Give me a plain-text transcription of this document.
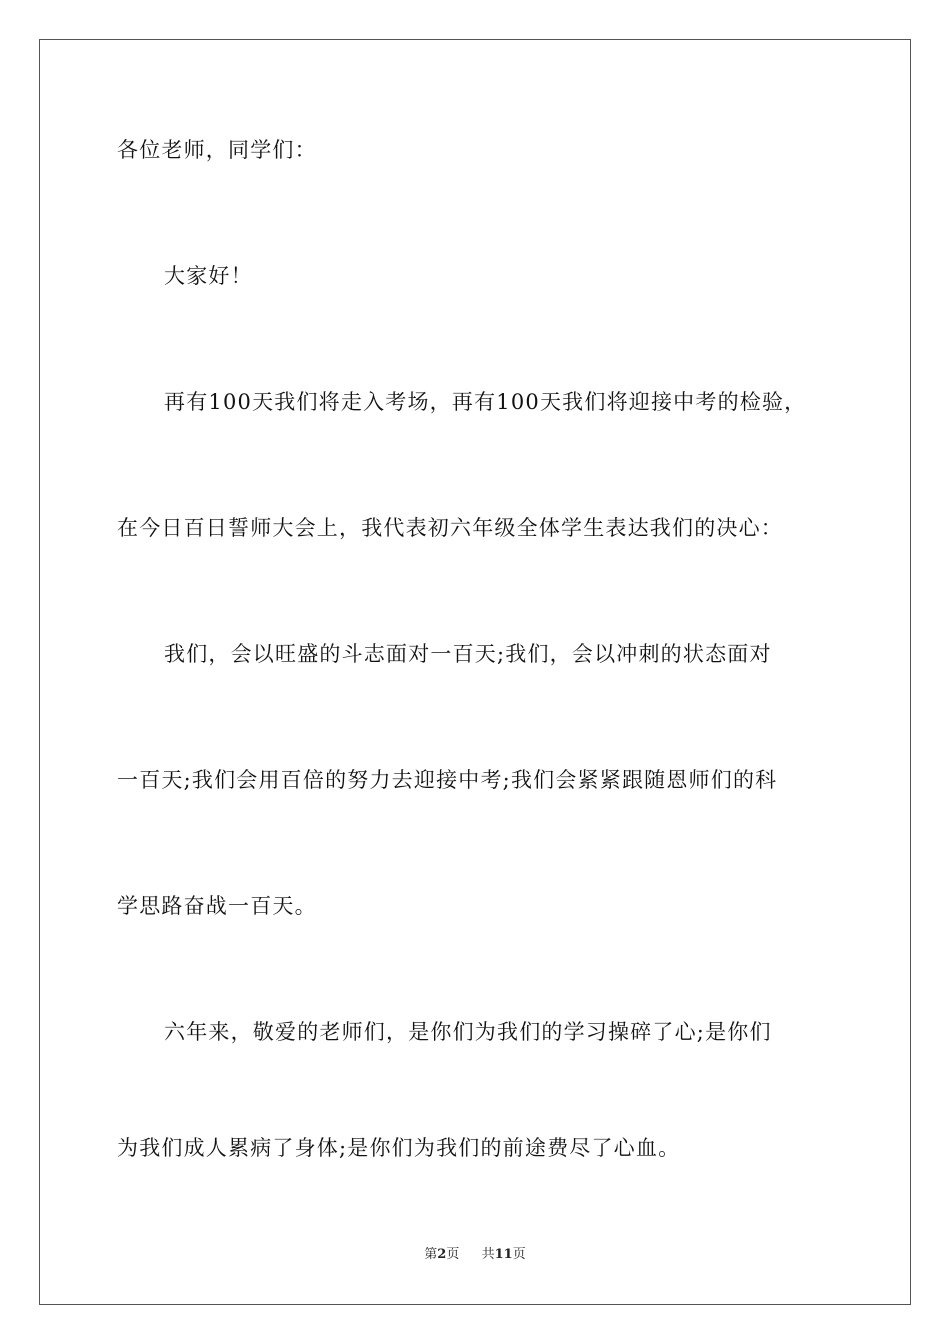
各位老师，同学们：
大家好！
再有100天我们将走入考场，再有100天我们将迎接中考的检验，
在今日百日誓师大会上，我代表初六年级全体学生表达我们的决心：
我们，会以旺盛的斗志面对一百天;我们，会以冲刺的状态面对
一百天;我们会用百倍的努力去迎接中考;我们会紧紧跟随恩师们的科
学思路奋战一百天。
六年来，敬爱的老师们，是你们为我们的学习操碎了心;是你们
为我们成人累病了身体;是你们为我们的前途费尽了心血。
第2页 共11页
